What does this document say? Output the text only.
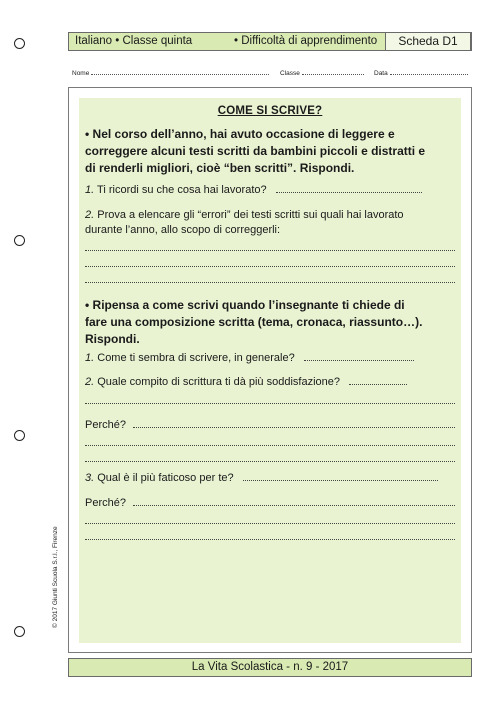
Italiano • Classe quinta	• Difficoltà di apprendimento	Scheda D1
Nome	Classe	Data
COME SI SCRIVE?
• Nel corso dell’anno, hai avuto occasione di leggere e
correggere alcuni testi scritti da bambini piccoli e distratti e
di renderli migliori, cioè “ben scritti”. Rispondi.
1. Ti ricordi su che cosa hai lavorato?
2. Prova a elencare gli “errori” dei testi scritti sui quali hai lavorato
durante l’anno, allo scopo di correggerli:
• Ripensa a come scrivi quando l’insegnante ti chiede di
fare una composizione scritta (tema, cronaca, riassunto…).
Rispondi.
1. Come ti sembra di scrivere, in generale?
2. Quale compito di scrittura ti dà più soddisfazione?
Perché?
3. Qual è il più faticoso per te?
Perché?
© 2017 Giunti Scuola S.r.l., Firenze
La Vita Scolastica - n. 9 - 2017
